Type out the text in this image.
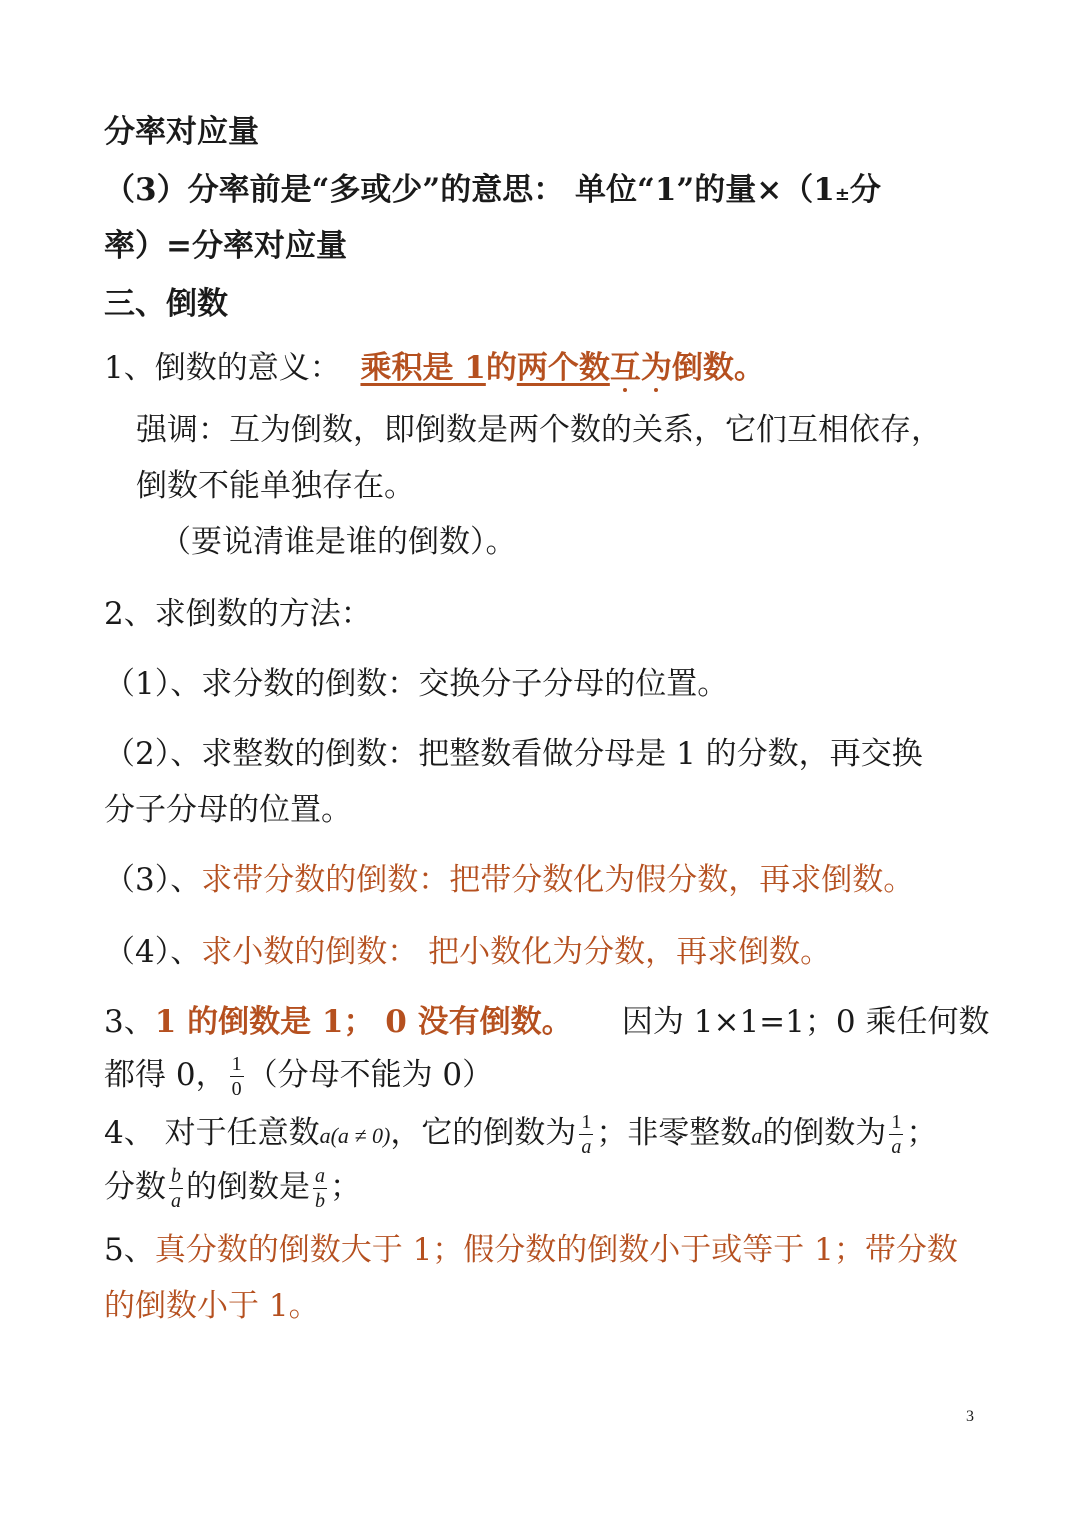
分率对应量
（3）分率前是“多或少”的意思： 单位“1”的量×（1±分
率）=分率对应量
三、倒数
1、倒数的意义： 乘积是 1的两个数互为倒数。
强调：互为倒数，即倒数是两个数的关系，它们互相依存，
倒数不能单独存在。
（要说清谁是谁的倒数）。
2、求倒数的方法：
（1）、求分数的倒数：交换分子分母的位置。
（2）、求整数的倒数：把整数看做分母是 1 的分数，再交换
分子分母的位置。
（3）、求带分数的倒数：把带分数化为假分数，再求倒数。
（4）、求小数的倒数： 把小数化为分数，再求倒数。
3、1 的倒数是 1； 0 没有倒数。 因为 1×1=1；0 乘任何数
都得 0， $\frac{1}{0}$ （分母不能为 0）
4、 对于任意数a(a ≠ 0)，它的倒数为 $\frac{1}{a}$ ；非零整数a的倒数为 $\frac{1}{a}$ ；
分数 $\frac{b}{a}$ 的倒数是 $\frac{a}{b}$ ；
5、真分数的倒数大于 1；假分数的倒数小于或等于 1；带分数
的倒数小于 1。
3
